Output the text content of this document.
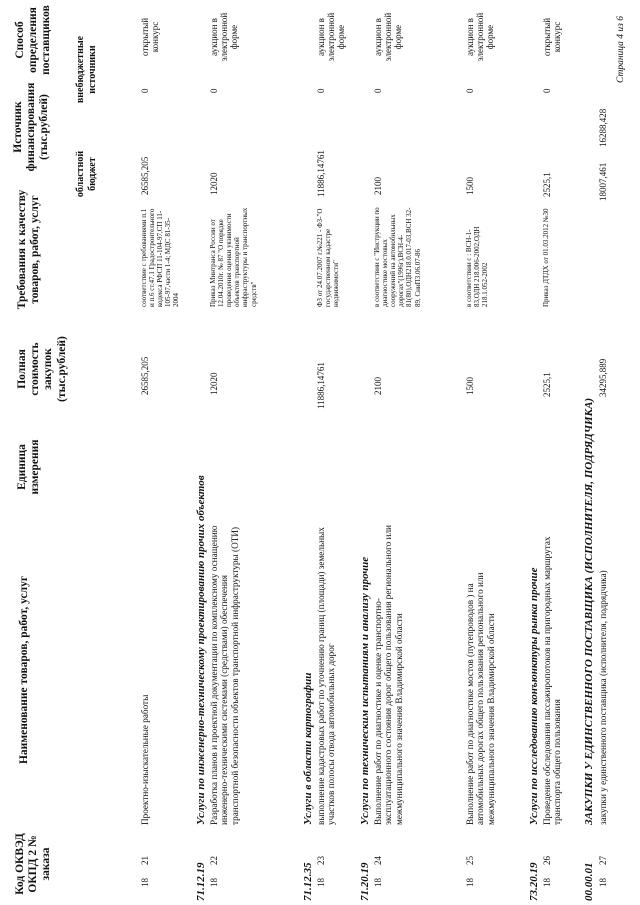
Код ОКВЭД ОКПД 2 № заказа
Наименование товаров, работ, услуг
Единица измерения
Полная стоимость закупок (тыс.рублей)
Требования к качеству товаров, работ, услуг
Источник финансирования (тыс.рублей)
областной бюджет
внебюджетные источники
Способ определения поставщиков
18
21
Проектно-изыскательные работы
26585,205
соответствие с требованиями п.1 и п.6 ст.47.1 Градостроительного кодекса РФСП 11-104-97,СП 11-105-97,части 1-4; МДС 81-35-2004
26585,205
0
открытый конкурс
71.12.19
Услуги по инженерно-техническому проектированию прочих объектов
18
22
Разработка планов и проектной документации по комплексному оснащению инженерно-техническими системами (средствами) обеспечения транспортной безопасности объектов транспортной инфраструктуры (ОТИ)
12020
Приказ Минтранса России от 12.04.2010г. № 87 "О порядке проведения оценки уязвимости объектов транспортной инфраструктуры и транспортных средств"
12020
0
аукцион в электронной форме
71.12.35
Услуги в области картографии
18
23
выполнение кадастровых работ по уточнению границ (площади) земельных участков полосы отвода автомобильных дорог
11886,14761
ФЗ от 24.07.2007 г.№221 - ФЗ-"О государственном кадастре недвижимости"
11886,14761
0
аукцион в электронной форме
71.20.19
Услуги по техническим испытаниям и анализу прочие
18
24
Выполнение работ по диагностике и оценке транспортно-эксплуатационного состояния дорог общего пользования регионального или межмуниципального значения Владимирской области
2100
в соответствии с "Инструкции по диагностике мостовых сооружений на автомобильных дорогах"(1996г),ВСН-4-81(80),ОДН218.0.017-03,ВСН 32-89, СниП3.06.07-86
2100
0
аукцион в электронной форме
18
25
Выполнение работ по диагностике мостов (путепроводов ) на автомобильных дорогах общего пользования регионального или межмуниципального значения Владимирской области
1500
в соответствии с : ВСН-1-83,ОДН 218.006-2002,ОДН 218.1.052-2002
1500
0
аукцион в электронной форме
73.20.19
Услуги по исследованию конъюнктуры рынка прочие
18
26
Проведение обследования пассажиропотоков на пригородных маршрутах транспорта общего пользования
2525,1
Приказ ДТДХ от 01.03.2012 №30
2525,1
0
открытый конкурс
00.00.01
ЗАКУПКИ У ЕДИНСТВЕННОГО ПОСТАВЩИКА (ИСПОЛНИТЕЛЯ, ПОДРЯДЧИКА)
18
27
закупки у единственного поставщика (исполнителя, подрядчика)
34295,889
18007,461
16288,428
Страница 4 из 6
